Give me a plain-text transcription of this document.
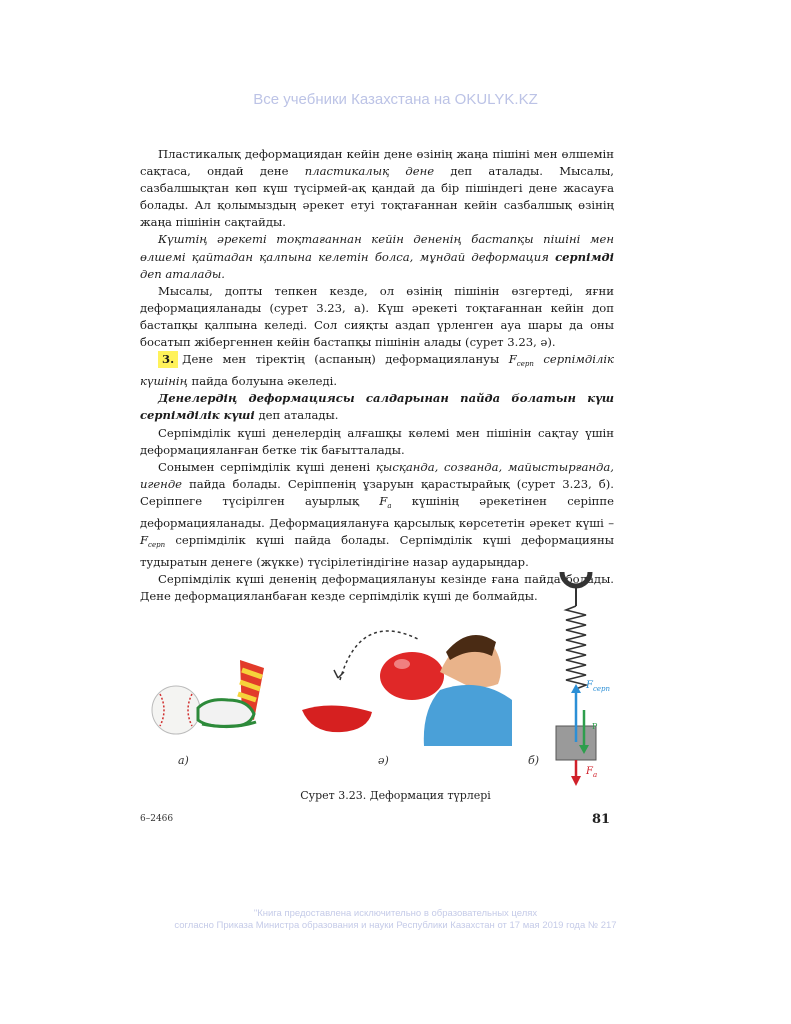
Все учебники Казахстана на OKULYK.KZ

Пластикалық деформациядан кейін дене өзінің жаңа пішіні мен өлшемін сақтаса, ондай дене пластикалық дене деп аталады. Мысалы, сазбалшықтан көп күш түсірмей-ақ қандай да бір пішіндегі дене жасауға болады. Ал қолымыздың әрекет етуі тоқтағаннан кейін сазбалшық өзінің жаңа пішінін сақтайды.

Күштің әрекеті тоқтағаннан кейін дененің бастапқы пішіні мен өлшемі қайтадан қалпына келетін болса, мұндай деформация серпімді деп аталады.

Мысалы, допты тепкен кезде, ол өзінің пішінін өзгертеді, яғни деформацияланады (сурет 3.23, а). Күш әрекеті тоқтағаннан кейін доп бастапқы қалпына келеді. Сол сияқты аздап үрленген ауа шары да оны босатып жібергеннен кейін бастапқы пішінін алады (сурет 3.23, ә).

3. Дене мен тіректің (аспаның) деформациялануы $F_{серп}$ серпімділік күшінің пайда болуына әкеледі.

Денелердің деформациясы салдарынан пайда болатын күш серпімділік күші деп аталады.

Серпімділік күші денелердің алғашқы көлемі мен пішінін сақтау үшін деформацияланған бетке тік бағытталады.

Сонымен серпімділік күші денені қысқанда, созғанда, майыстырғанда, игенде пайда болады. Серіппенің ұзаруын қарастырайық (сурет 3.23, б). Серіппеге түсірілген ауырлық $F_а$ күшінің әрекетінен серіппе деформацияланады. Деформациялануға қарсылық көрсететін әрекет күші – $F_{серп}$ серпімділік күші пайда болады. Серпімділік күші деформацияны тудыратын денеге (жүкке) түсірілетіндігіне назар аударыңдар.

Серпімділік күші дененің деформациялануы кезінде ғана пайда болады. Дене деформацияланбаған кезде серпімділік күші де болмайды.

а)	ә)	б)
$F_{серп}$
$F_а$
Р
Сурет 3.23. Деформация түрлері
6–2466	81
"Книга предоставлена исключительно в образовательных целях
согласно Приказа Министра образования и науки Республики Казахстан от 17 мая 2019 года № 217
